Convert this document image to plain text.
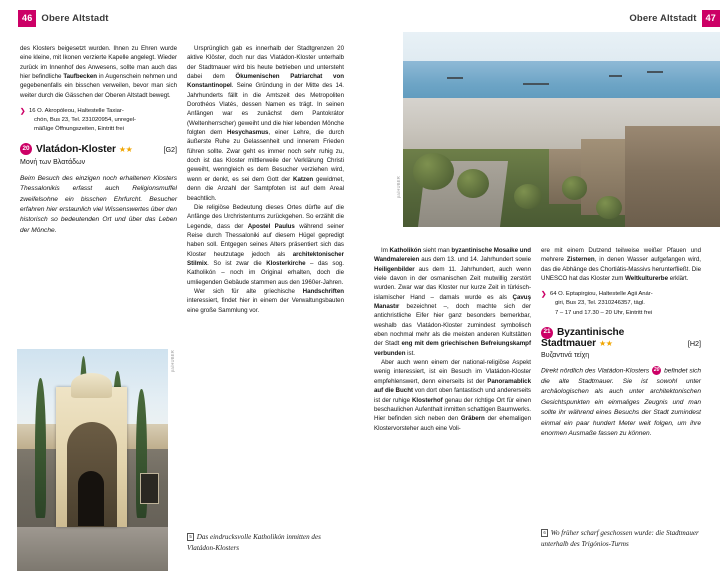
46 Obere Altstadt	Obere Altstadt 47

des Klosters beigesetzt wurden. Ihnen zu Ehren wurde eine kleine, mit Ikonen verzierte Kapelle angelegt. Wieder zurück im Innenhof des Anwesens, sollte man auch das hier befindliche Taufbecken in Augenschein nehmen und gegebenenfalls ein bisschen verweilen, bevor man sich weiter durch die Gässchen der Oberen Altstadt bewegt.

❯ 16 O. Akropóleou, Haltestelle Taxiar-
chón, Bus 23, Tel. 231020954, unregel-
mäßige Öffnungszeiten, Eintritt frei
20 Vlatádon-Kloster ★★	[G2]
Μονή των Βλατάδων
Beim Besuch des einzigen noch erhaltenen Klosters Thessalonikis erfasst auch Religionsmuffel zweifelsohne ein bisschen Ehrfurcht. Besucher erfahren hier erstaunlich viel Wissenswertes über den historisch so bedeutenden Ort und über das Leben der Mönche.

Ursprünglich gab es innerhalb der Stadtgrenzen 20 aktive Klöster, doch nur das Vlatádon-Kloster unterhalb der Stadtmauer wird bis heute betrieben und untersteht dabei dem Ökumenischen Patriarchat von Konstantinopel. Seine Gründung in der Mitte des 14. Jahrhunderts fällt in die Amtszeit des Metropoliten Dorothéos Vlatés, dessen Namen es trägt. In seinen Anfängen war es zunächst dem Pantokrátor (Weltenherrscher) geweiht und die hier lebenden Mönche folgten dem Hesychasmus, einer Lehre, die durch äußerste Ruhe zu Gelassenheit und innerem Frieden führen sollte. Zwar geht es immer noch sehr ruhig zu, doch ist das Kloster mittlerweile der Verklärung Christi geweiht, wenngleich es dem Besucher verziehen wird, wenn er denkt, es sei dem Gott der Katzen gewidmet, denn die Anzahl der Samtpfoten ist auf dem Areal beachtlich.

Die religiöse Bedeutung dieses Ortes dürfte auf die Anfänge des Urchristentums zurückgehen. So erzählt die Legende, dass der Apostel Paulus während seiner Reise durch Thessaloniki auf diesem Hügel gepredigt haben soll. Entgegen seines Alters präsentiert sich das Kloster heutzutage jedoch als architektonischer Stilmix. So ist zwar die Klosterkirche – das sog. Katholikón – noch im Original erhalten, doch die umliegenden Gebäude stammen aus den 1960er-Jahren.

Wer sich für alte griechische Handschriften interessiert, findet hier in einem der Verwaltungsbauten eine große Sammlung vor.

pa/HUBER
5 Das eindrucksvolle Katholikón inmitten des Vlatádon-Klosters
pa/HUBER

Im Katholikón sieht man byzantinische Mosaike und Wandmalereien aus dem 13. und 14. Jahrhundert sowie Heiligenbilder aus dem 11. Jahrhundert, auch wenn viele davon in der osmanischen Zeit mutwillig zerstört wurden. Zwar war das Kloster nur kurze Zeit in türkisch-islamischer Hand – damals wurde es als Çavuş Manastır bezeichnet –, doch machte sich der antichristliche Eifer hier ganz besonders bemerkbar, weshalb das Vlatádon-Kloster zumindest symbolisch eben nochmal mehr als die meisten anderen Kultstätten der Stadt eng mit dem griechischen Befreiungskampf verbunden ist.

Aber auch wenn einem der national-religiöse Aspekt wenig interessiert, ist ein Besuch im Vlatádon-Kloster empfehlenswert, denn einerseits ist der Panoramablick auf die Bucht von dort oben fantastisch und andererseits ist der ruhige Klosterhof genau der richtige Ort für einen beschaulichen Aufenthalt inmitten schattigen Baumwerks. Hier befinden sich neben den Gräbern der ehemaligen Klostervorsteher auch eine Voli-

ere mit einem Dutzend teilweise weißer Pfauen und mehrere Zisternen, in denen Wasser aufgefangen wird, das die Abhänge des Chortiátis-Massivs herunterfließt. Die UNESCO hat das Kloster zum Weltkulturerbe erklärt.

❯ 64 O. Eptapirgiou, Haltestelle Agii Anár-
giri, Bus 23, Tel. 2310246357, tägl.
7 – 17 und 17.30 – 20 Uhr, Eintritt frei
21 Byzantinische
Stadtmauer ★★	[H2]
Βυζαντινά τείχη
Direkt nördlich des Vlatádon-Klosters 20 befindet sich die alte Stadtmauer. Sie ist sowohl unter archäologischen als auch unter architektonischen Gesichtspunkten ein einmaliges Zeugnis und man sollte ihr während eines Besuchs der Stadt zumindest einmal ein paar hundert Meter weit folgen, um ihre enormen Ausmaße fassen zu können.
6 Wo früher scharf geschossen wurde: die Stadtmauer unterhalb des Trigónios-Turms
